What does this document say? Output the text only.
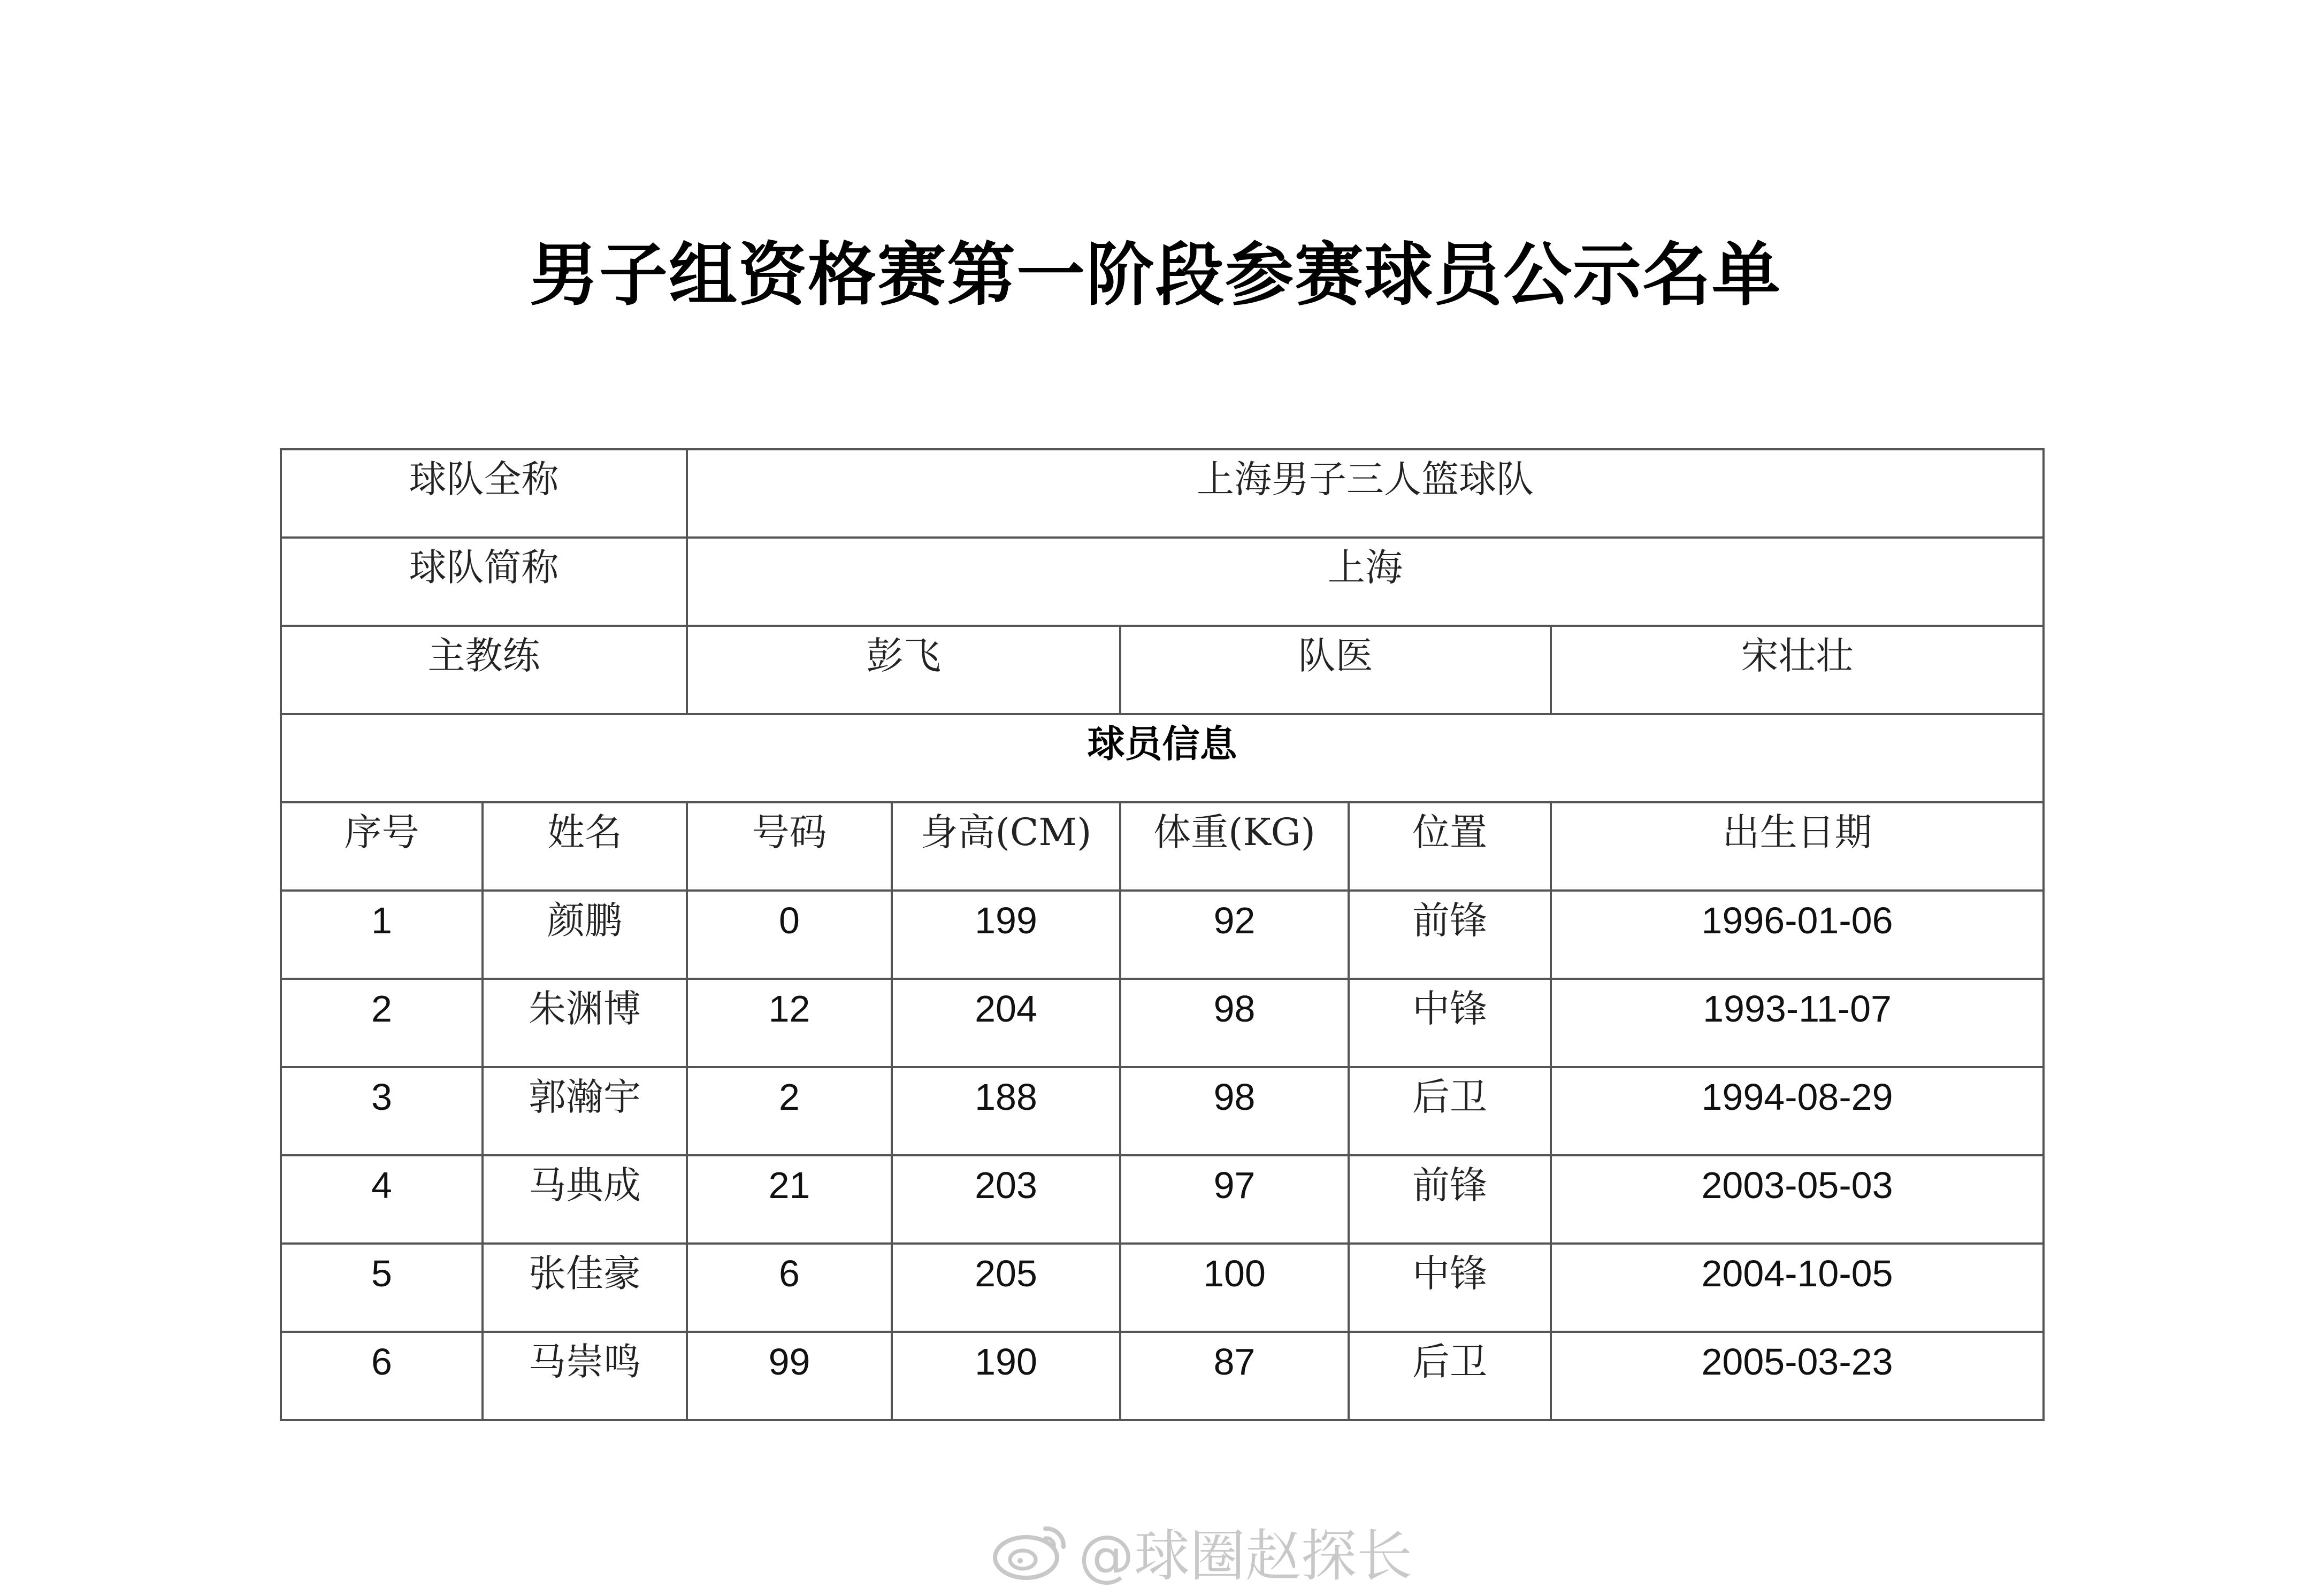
男子组资格赛第一阶段参赛球员公示名单
球队全称		上海男子三人篮球队				
球队简称		上海				
主教练		彭飞		队医		宋壮壮
球员信息						
序号	姓名	号码	身高(CM)	体重(KG)	位置	出生日期
1	颜鹏	0	199	92	前锋	1996-01-06
2	朱渊博	12	204	98	中锋	1993-11-07
3	郭瀚宇	2	188	98	后卫	1994-08-29
4	马典成	21	203	97	前锋	2003-05-03
5	张佳豪	6	205	100	中锋	2004-10-05
6	马崇鸣	99	190	87	后卫	2005-03-23
@球圈赵探长
